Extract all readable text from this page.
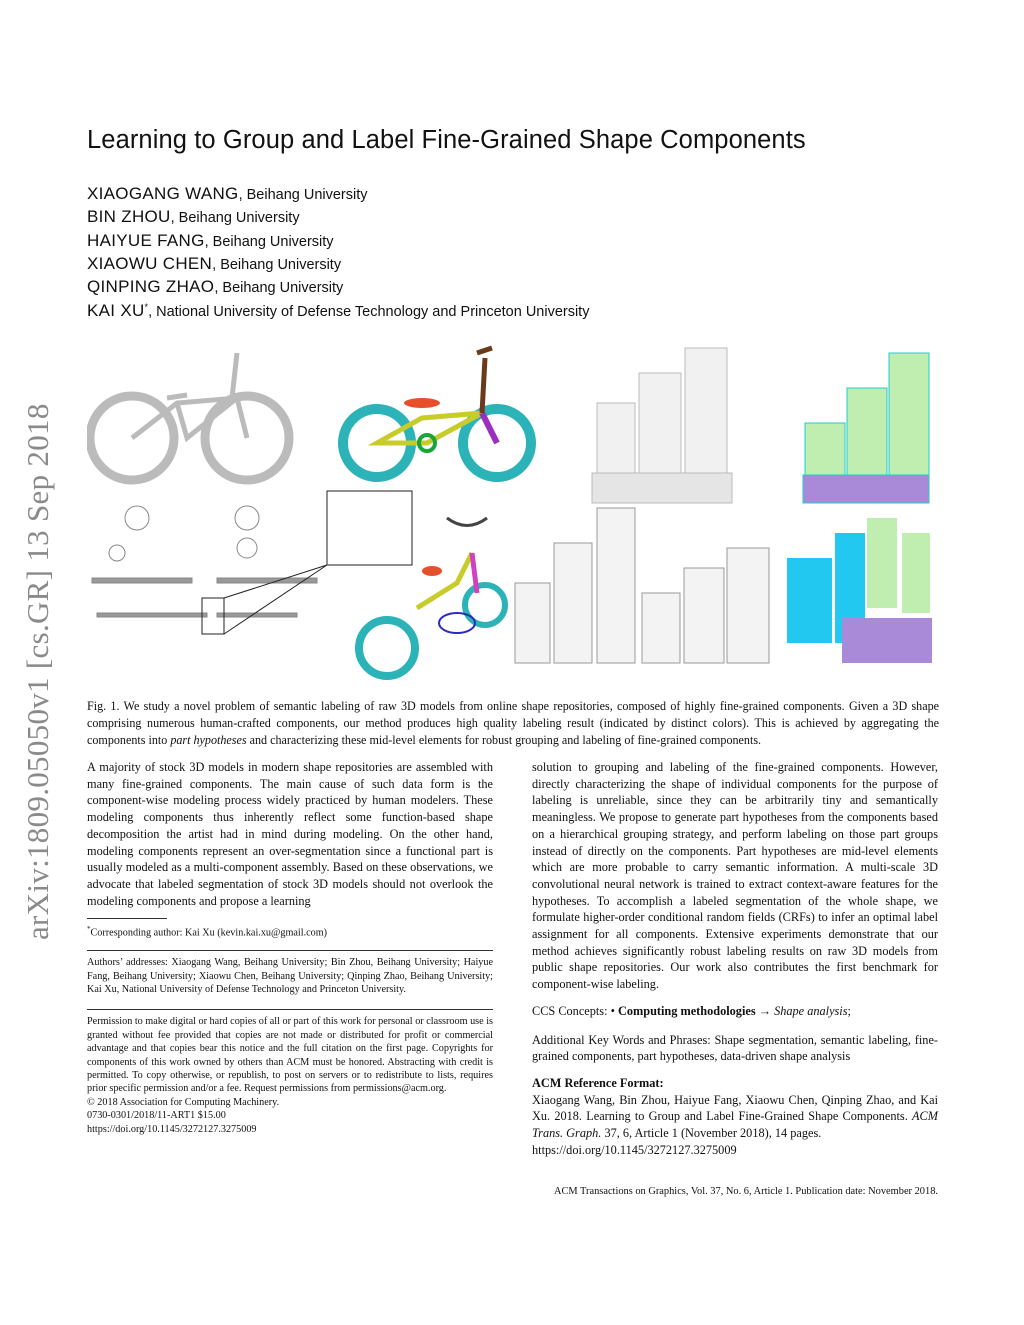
Learning to Group and Label Fine-Grained Shape Components
XIAOGANG WANG, Beihang University
BIN ZHOU, Beihang University
HAIYUE FANG, Beihang University
XIAOWU CHEN, Beihang University
QINPING ZHAO, Beihang University
KAI XU*, National University of Defense Technology and Princeton University
arXiv:1809.05050v1 [cs.GR] 13 Sep 2018	Fig. 1. We study a novel problem of semantic labeling of raw 3D models from online shape repositories, composed of highly fine-grained components. Given a 3D shape comprising numerous human-crafted components, our method produces high quality labeling result (indicated by distinct colors). This is achieved by aggregating the components into part hypotheses and characterizing these mid-level elements for robust grouping and labeling of fine-grained components.

A majority of stock 3D models in modern shape repositories are assembled with many fine-grained components. The main cause of such data form is the component-wise modeling process widely practiced by human modelers. These modeling components thus inherently reflect some function-based shape decomposition the artist had in mind during modeling. On the other hand, modeling components represent an over-segmentation since a functional part is usually modeled as a multi-component assembly. Based on these observations, we advocate that labeled segmentation of stock 3D models should not overlook the modeling components and propose a learning

*Corresponding author: Kai Xu (kevin.kai.xu@gmail.com)

Authors’ addresses: Xiaogang Wang, Beihang University; Bin Zhou, Beihang University; Haiyue Fang, Beihang University; Xiaowu Chen, Beihang University; Qinping Zhao, Beihang University; Kai Xu, National University of Defense Technology and Princeton University.

Permission to make digital or hard copies of all or part of this work for personal or classroom use is granted without fee provided that copies are not made or distributed for profit or commercial advantage and that copies bear this notice and the full citation on the first page. Copyrights for components of this work owned by others than ACM must be honored. Abstracting with credit is permitted. To copy otherwise, or republish, to post on servers or to redistribute to lists, requires prior specific permission and/or a fee. Request permissions from permissions@acm.org.

© 2018 Association for Computing Machinery.

0730-0301/2018/11-ART1 $15.00

https://doi.org/10.1145/3272127.3275009

solution to grouping and labeling of the fine-grained components. However, directly characterizing the shape of individual components for the purpose of labeling is unreliable, since they can be arbitrarily tiny and semantically meaningless. We propose to generate part hypotheses from the components based on a hierarchical grouping strategy, and perform labeling on those part groups instead of directly on the components. Part hypotheses are mid-level elements which are more probable to carry semantic information. A multi-scale 3D convolutional neural network is trained to extract context-aware features for the hypotheses. To accomplish a labeled segmentation of the whole shape, we formulate higher-order conditional random fields (CRFs) to infer an optimal label assignment for all components. Extensive experiments demonstrate that our method achieves significantly robust labeling results on raw 3D models from public shape repositories. Our work also contributes the first benchmark for component-wise labeling.

CCS Concepts: • Computing methodologies → Shape analysis;

Additional Key Words and Phrases: Shape segmentation, semantic labeling, fine-grained components, part hypotheses, data-driven shape analysis

ACM Reference Format:

Xiaogang Wang, Bin Zhou, Haiyue Fang, Xiaowu Chen, Qinping Zhao, and Kai Xu. 2018. Learning to Group and Label Fine-Grained Shape Components. ACM Trans. Graph. 37, 6, Article 1 (November 2018), 14 pages.

https://doi.org/10.1145/3272127.3275009

ACM Transactions on Graphics, Vol. 37, No. 6, Article 1. Publication date: November 2018.
